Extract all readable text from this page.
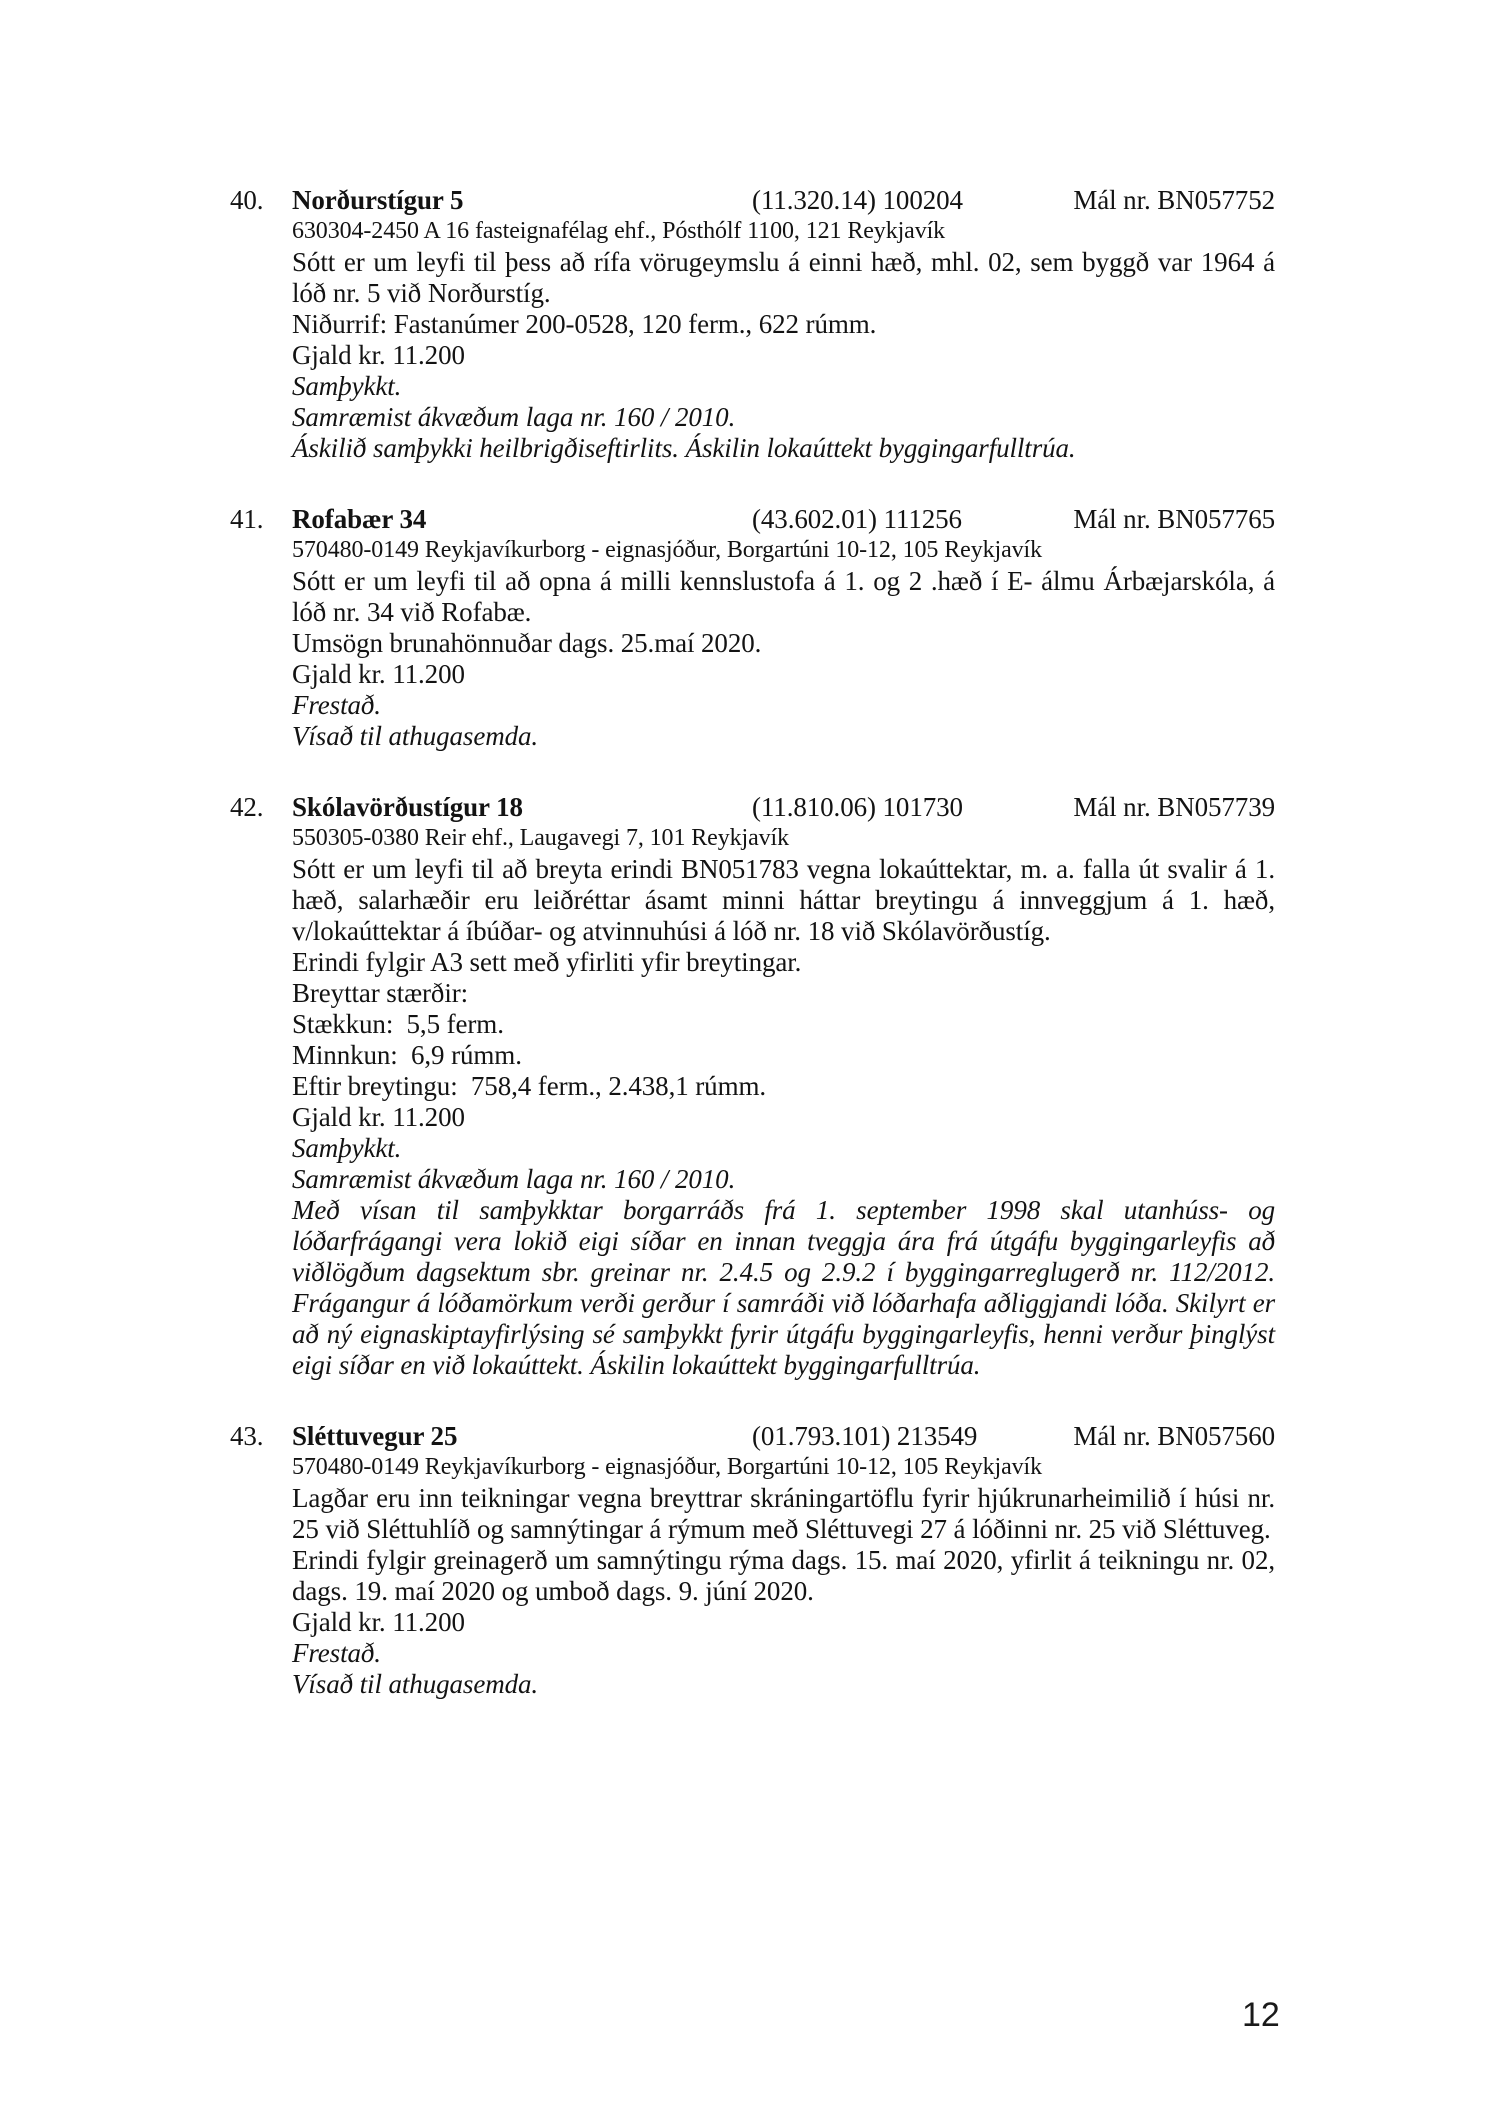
40.	Norðurstígur 5	(11.320.14) 100204	Mál nr. BN057752
630304-2450 A 16 fasteignafélag ehf., Pósthólf 1100, 121 Reykjavík

Sótt er um leyfi til þess að rífa vörugeymslu á einni hæð, mhl. 02, sem byggð var 1964 á lóð nr. 5 við Norðurstíg.

Niðurrif: Fastanúmer 200-0528, 120 ferm., 622 rúmm.

Gjald kr. 11.200

Samþykkt.

Samræmist ákvæðum laga nr. 160 / 2010.

Áskilið samþykki heilbrigðiseftirlits. Áskilin lokaúttekt byggingarfulltrúa.

41.	Rofabær 34	(43.602.01) 111256	Mál nr. BN057765
570480-0149 Reykjavíkurborg - eignasjóður, Borgartúni 10-12, 105 Reykjavík

Sótt er um leyfi til að opna á milli kennslustofa á 1. og 2 .hæð í E- álmu Árbæjarskóla, á lóð nr. 34 við Rofabæ.

Umsögn brunahönnuðar dags. 25.maí 2020.

Gjald kr. 11.200

Frestað.

Vísað til athugasemda.

42.	Skólavörðustígur 18	(11.810.06) 101730	Mál nr. BN057739
550305-0380 Reir ehf., Laugavegi 7, 101 Reykjavík

Sótt er um leyfi til að breyta erindi BN051783 vegna lokaúttektar, m. a. falla út svalir á 1. hæð, salarhæðir eru leiðréttar ásamt minni háttar breytingu á innveggjum á 1. hæð, v/lokaúttektar á íbúðar- og atvinnuhúsi á lóð nr. 18 við Skólavörðustíg.

Erindi fylgir A3 sett með yfirliti yfir breytingar.

Breyttar stærðir:

Stækkun:  5,5 ferm.

Minnkun:  6,9 rúmm.

Eftir breytingu:  758,4 ferm., 2.438,1 rúmm.

Gjald kr. 11.200

Samþykkt.

Samræmist ákvæðum laga nr. 160 / 2010.

Með vísan til samþykktar borgarráðs frá 1. september 1998 skal utanhúss- og lóðarfrágangi vera lokið eigi síðar en innan tveggja ára frá útgáfu byggingarleyfis að viðlögðum dagsektum sbr. greinar nr. 2.4.5 og 2.9.2 í byggingarreglugerð nr. 112/2012. Frágangur á lóðamörkum verði gerður í samráði við lóðarhafa aðliggjandi lóða. Skilyrt er að ný eignaskiptayfirlýsing sé samþykkt fyrir útgáfu byggingarleyfis, henni verður þinglýst eigi síðar en við lokaúttekt. Áskilin lokaúttekt byggingarfulltrúa.

43.	Sléttuvegur 25	(01.793.101) 213549	Mál nr. BN057560
570480-0149 Reykjavíkurborg - eignasjóður, Borgartúni 10-12, 105 Reykjavík

Lagðar eru inn teikningar vegna breyttrar skráningartöflu fyrir hjúkrunarheimilið í húsi nr. 25 við Sléttuhlíð og samnýtingar á rýmum með Sléttuvegi 27 á lóðinni nr. 25 við Sléttuveg.

Erindi fylgir greinagerð um samnýtingu rýma dags. 15. maí 2020, yfirlit á teikningu nr. 02, dags. 19. maí 2020 og umboð dags. 9. júní 2020.

Gjald kr. 11.200

Frestað.

Vísað til athugasemda.

12
